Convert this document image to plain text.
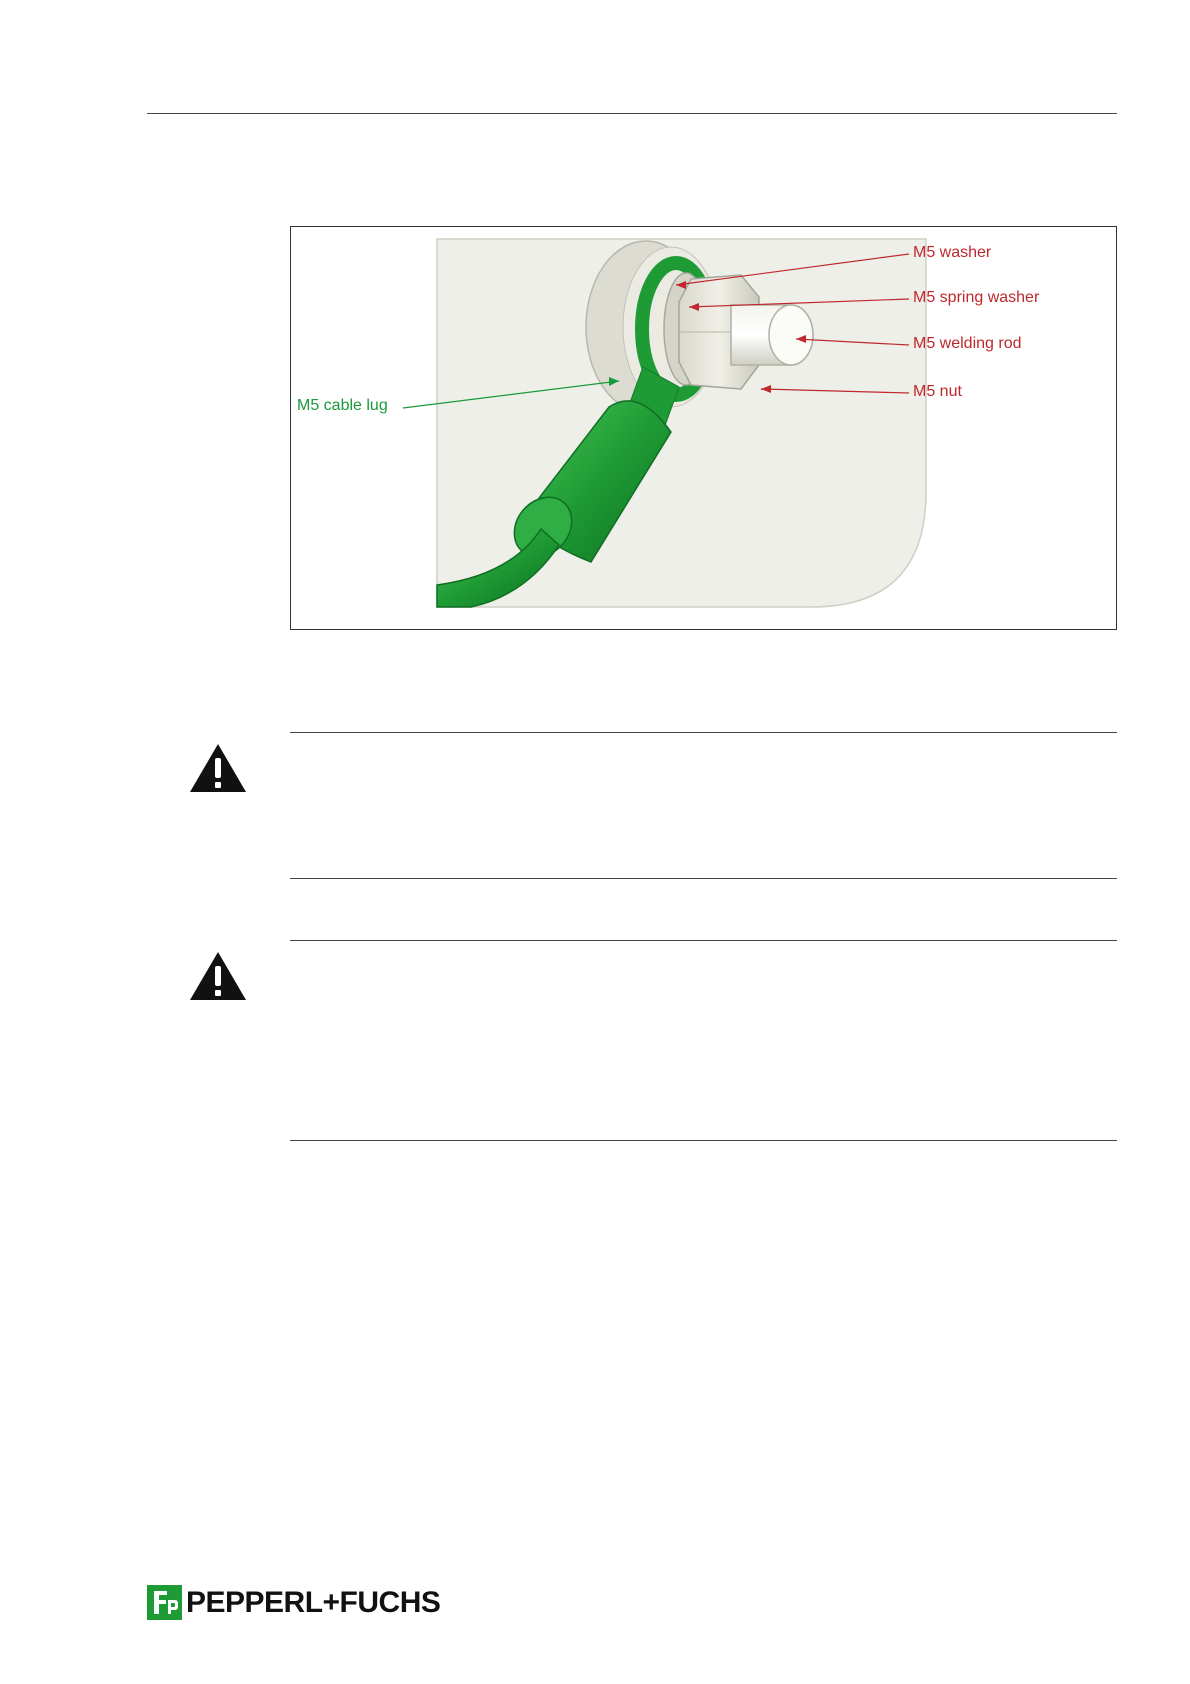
M5 washer
M5 spring washer
M5 welding rod
M5 nut
M5 cable lug
PEPPERL+FUCHS
